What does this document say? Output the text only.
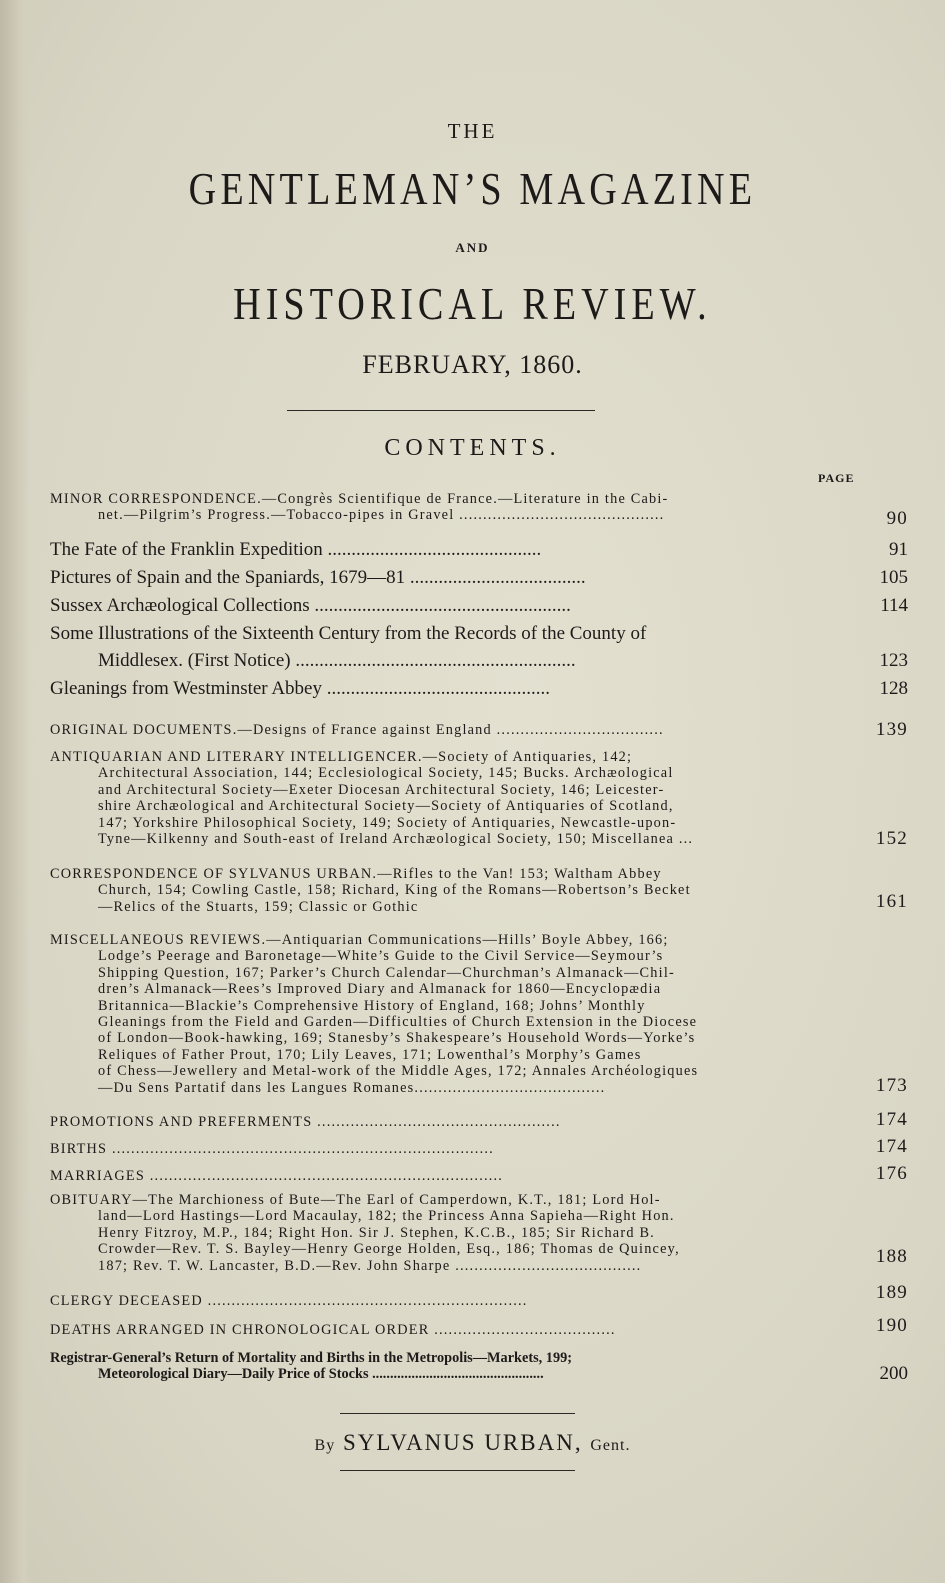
THE
GENTLEMAN’S MAGAZINE
AND
HISTORICAL REVIEW.
FEBRUARY, 1860.
CONTENTS.
PAGE
MINOR CORRESPONDENCE.—Congrès Scientifique de France.—Literature in the Cabi-
net.—Pilgrim’s Progress.—Tobacco-pipes in Gravel ...........................................	90
The Fate of the Franklin Expedition .............................................	91
Pictures of Spain and the Spaniards, 1679—81 .....................................	105
Sussex Archæological Collections ......................................................	114
Some Illustrations of the Sixteenth Century from the Records of the County of
Middlesex. (First Notice) ...........................................................	123
Gleanings from Westminster Abbey ...............................................	128
ORIGINAL DOCUMENTS.—Designs of France against England ...................................	139
ANTIQUARIAN AND LITERARY INTELLIGENCER.—Society of Antiquaries, 142;
Architectural Association, 144; Ecclesiological Society, 145; Bucks. Archæological
and Architectural Society—Exeter Diocesan Architectural Society, 146; Leicester-
shire Archæological and Architectural Society—Society of Antiquaries of Scotland,
147; Yorkshire Philosophical Society, 149; Society of Antiquaries, Newcastle-upon-
Tyne—Kilkenny and South-east of Ireland Archæological Society, 150; Miscellanea ...	152
CORRESPONDENCE OF SYLVANUS URBAN.—Rifles to the Van! 153; Waltham Abbey
Church, 154; Cowling Castle, 158; Richard, King of the Romans—Robertson’s Becket
—Relics of the Stuarts, 159; Classic or Gothic	161
MISCELLANEOUS REVIEWS.—Antiquarian Communications—Hills’ Boyle Abbey, 166;
Lodge’s Peerage and Baronetage—White’s Guide to the Civil Service—Seymour’s
Shipping Question, 167; Parker’s Church Calendar—Churchman’s Almanack—Chil-
dren’s Almanack—Rees’s Improved Diary and Almanack for 1860—Encyclopædia
Britannica—Blackie’s Comprehensive History of England, 168; Johns’ Monthly
Gleanings from the Field and Garden—Difficulties of Church Extension in the Diocese
of London—Book-hawking, 169; Stanesby’s Shakespeare’s Household Words—Yorke’s
Reliques of Father Prout, 170; Lily Leaves, 171; Lowenthal’s Morphy’s Games
of Chess—Jewellery and Metal-work of the Middle Ages, 172; Annales Archéologiques
—Du Sens Partatif dans les Langues Romanes........................................	173
PROMOTIONS AND PREFERMENTS ...................................................	174
BIRTHS ................................................................................	174
MARRIAGES ..........................................................................	176
OBITUARY—The Marchioness of Bute—The Earl of Camperdown, K.T., 181; Lord Hol-
land—Lord Hastings—Lord Macaulay, 182; the Princess Anna Sapieha—Right Hon.
Henry Fitzroy, M.P., 184; Right Hon. Sir J. Stephen, K.C.B., 185; Sir Richard B.
Crowder—Rev. T. S. Bayley—Henry George Holden, Esq., 186; Thomas de Quincey,
187; Rev. T. W. Lancaster, B.D.—Rev. John Sharpe .......................................	188
CLERGY DECEASED ...................................................................	189
DEATHS ARRANGED IN CHRONOLOGICAL ORDER ......................................	190
Registrar-General’s Return of Mortality and Births in the Metropolis—Markets, 199;
Meteorological Diary—Daily Price of Stocks ................................................	200
By SYLVANUS URBAN, Gent.
